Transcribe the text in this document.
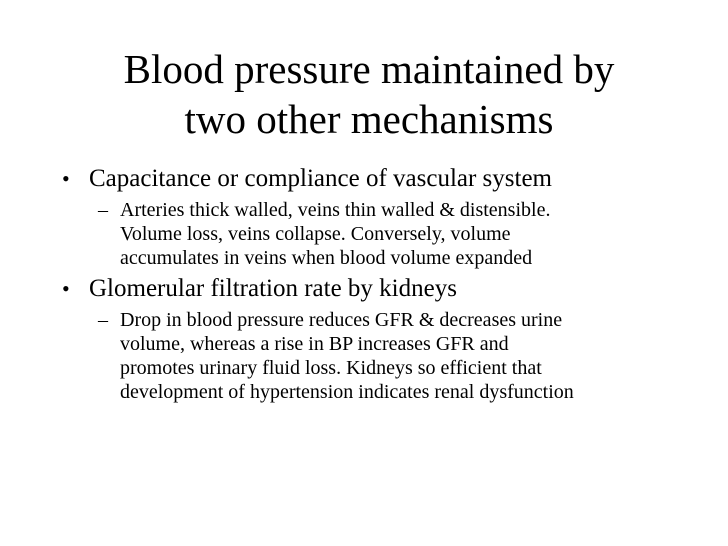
Blood pressure maintained by
two other mechanisms
• Capacitance or compliance of vascular system
– Arteries thick walled, veins thin walled & distensible.
Volume loss, veins collapse. Conversely, volume
accumulates in veins when blood volume expanded
• Glomerular filtration rate by kidneys
– Drop in blood pressure reduces GFR & decreases urine
volume, whereas a rise in BP increases GFR and
promotes urinary fluid loss. Kidneys so efficient that
development of hypertension indicates renal dysfunction
